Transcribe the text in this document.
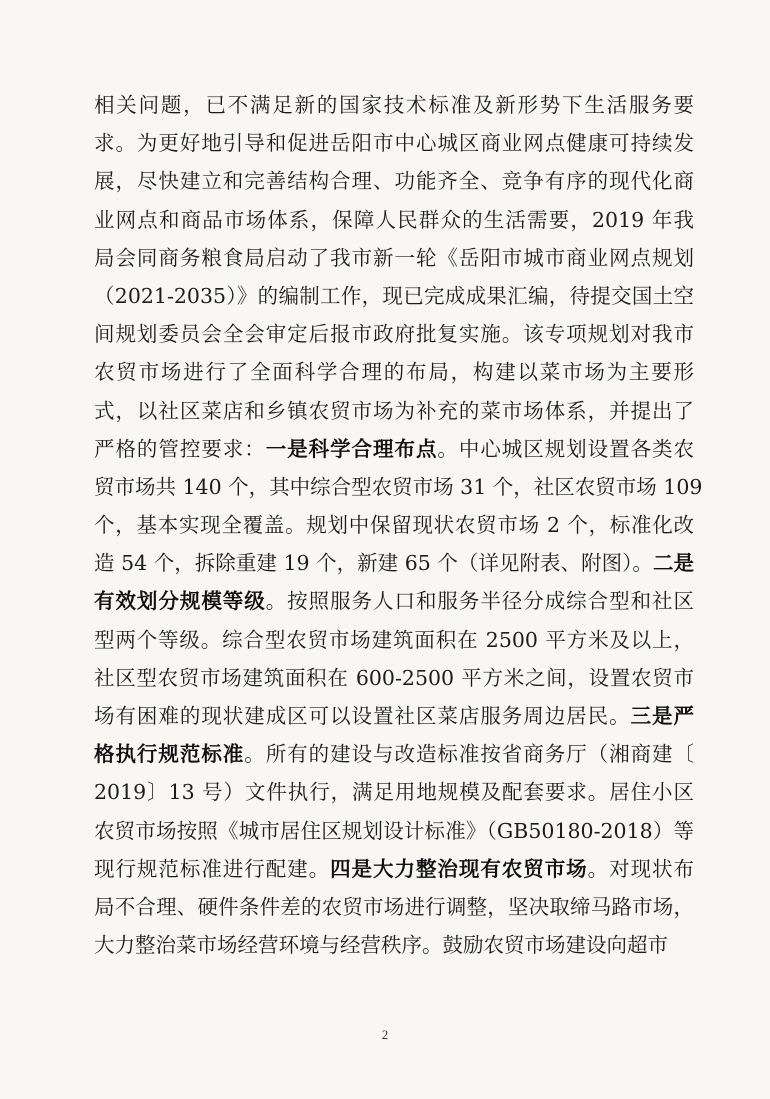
相关问题，已不满足新的国家技术标准及新形势下生活服务要
求。为更好地引导和促进岳阳市中心城区商业网点健康可持续发
展，尽快建立和完善结构合理、功能齐全、竞争有序的现代化商
业网点和商品市场体系，保障人民群众的生活需要，2019 年我
局会同商务粮食局启动了我市新一轮《岳阳市城市商业网点规划
（2021-2035）》的编制工作，现已完成成果汇编，待提交国土空
间规划委员会全会审定后报市政府批复实施。该专项规划对我市
农贸市场进行了全面科学合理的布局，构建以菜市场为主要形
式，以社区菜店和乡镇农贸市场为补充的菜市场体系，并提出了
严格的管控要求：一是科学合理布点。中心城区规划设置各类农
贸市场共 140 个，其中综合型农贸市场 31 个，社区农贸市场 109
个，基本实现全覆盖。规划中保留现状农贸市场 2 个，标准化改
造 54 个，拆除重建 19 个，新建 65 个（详见附表、附图）。二是
有效划分规模等级。按照服务人口和服务半径分成综合型和社区
型两个等级。综合型农贸市场建筑面积在 2500 平方米及以上，
社区型农贸市场建筑面积在 600-2500 平方米之间，设置农贸市
场有困难的现状建成区可以设置社区菜店服务周边居民。三是严
格执行规范标准。所有的建设与改造标准按省商务厅（湘商建〔
2019〕13 号）文件执行，满足用地规模及配套要求。居住小区
农贸市场按照《城市居住区规划设计标准》（GB50180-2018）等
现行规范标准进行配建。四是大力整治现有农贸市场。对现状布
局不合理、硬件条件差的农贸市场进行调整，坚决取缔马路市场，
大力整治菜市场经营环境与经营秩序。鼓励农贸市场建设向超市
2
